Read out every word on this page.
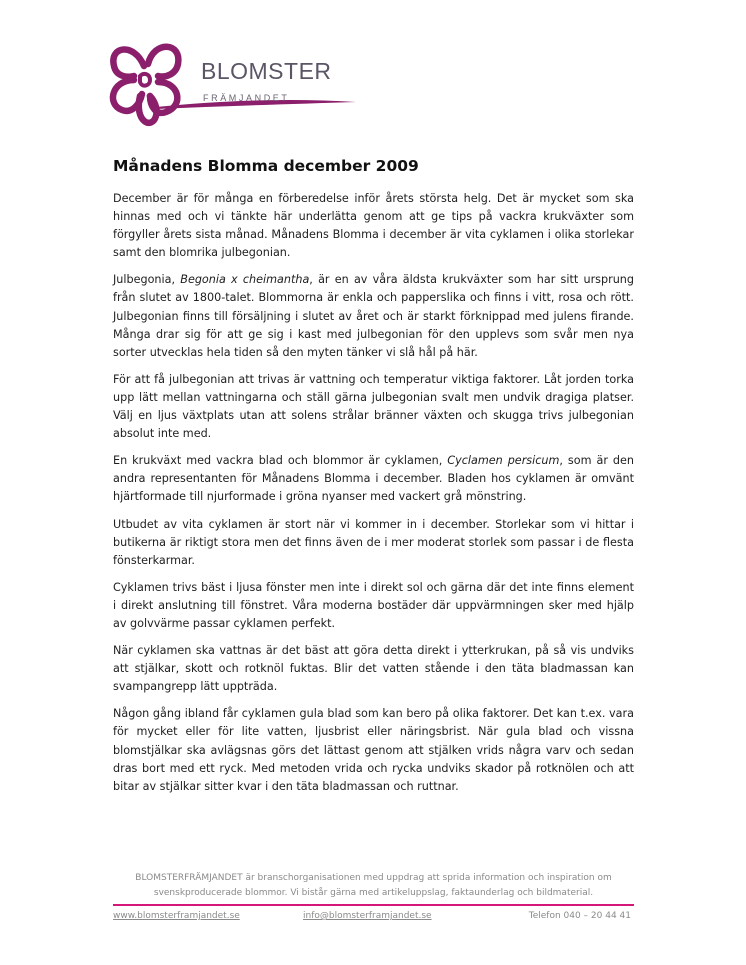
BLOMSTER
FRÄMJANDET
Månadens Blomma december 2009

December är för många en förberedelse inför årets största helg. Det är mycket som ska hinnas med och vi tänkte här underlätta genom att ge tips på vackra krukväxter som förgyller årets sista månad. Månadens Blomma i december är vita cyklamen i olika storlekar samt den blomrika julbegonian.

Julbegonia, Begonia x cheimantha, är en av våra äldsta krukväxter som har sitt ursprung från slutet av 1800-talet. Blommorna är enkla och papperslika och finns i vitt, rosa och rött. Julbegonian finns till försäljning i slutet av året och är starkt förknippad med julens firande. Många drar sig för att ge sig i kast med julbegonian för den upplevs som svår men nya sorter utvecklas hela tiden så den myten tänker vi slå hål på här.

För att få julbegonian att trivas är vattning och temperatur viktiga faktorer. Låt jorden torka upp lätt mellan vattningarna och ställ gärna julbegonian svalt men undvik dragiga platser. Välj en ljus växtplats utan att solens strålar bränner växten och skugga trivs julbegonian absolut inte med.

En krukväxt med vackra blad och blommor är cyklamen, Cyclamen persicum, som är den andra representanten för Månadens Blomma i december. Bladen hos cyklamen är omvänt hjärtformade till njurformade i gröna nyanser med vackert grå mönstring.

Utbudet av vita cyklamen är stort när vi kommer in i december. Storlekar som vi hittar i butikerna är riktigt stora men det finns även de i mer moderat storlek som passar i de flesta fönsterkarmar.

Cyklamen trivs bäst i ljusa fönster men inte i direkt sol och gärna där det inte finns element i direkt anslutning till fönstret. Våra moderna bostäder där uppvärmningen sker med hjälp av golvvärme passar cyklamen perfekt.

När cyklamen ska vattnas är det bäst att göra detta direkt i ytterkrukan, på så vis undviks att stjälkar, skott och rotknöl fuktas. Blir det vatten stående i den täta bladmassan kan svampangrepp lätt uppträda.

Någon gång ibland får cyklamen gula blad som kan bero på olika faktorer. Det kan t.ex. vara för mycket eller för lite vatten, ljusbrist eller näringsbrist. När gula blad och vissna blomstjälkar ska avlägsnas görs det lättast genom att stjälken vrids några varv och sedan dras bort med ett ryck. Med metoden vrida och rycka undviks skador på rotknölen och att bitar av stjälkar sitter kvar i den täta bladmassan och ruttnar.

BLOMSTERFRÄMJANDET är branschorganisationen med uppdrag att sprida information och inspiration om svenskproducerade blommor. Vi bistår gärna med artikeluppslag, faktaunderlag och bildmaterial.
www.blomsterframjandet.se	info@blomsterframjandet.se	Telefon 040 – 20 44 41
